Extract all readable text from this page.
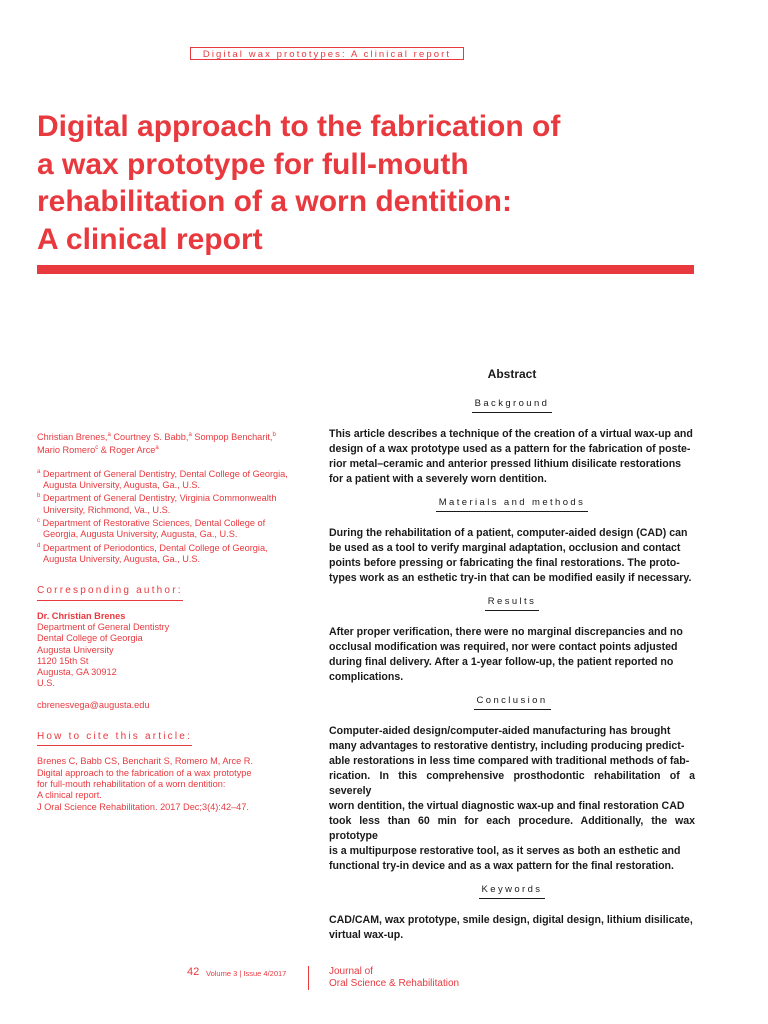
Digital wax prototypes: A clinical report
Digital approach to the fabrication of
a wax prototype for full-mouth
rehabilitation of a worn dentition:
A clinical report

Christian Brenes,$^a$ Courtney S. Babb,$^a$ Sompop Bencharit,$^b$
Mario Romero$^c$ & Roger Arce$^a$

$^a$ Department of General Dentistry, Dental College of Georgia, Augusta University, Augusta, Ga., U.S.
$^b$ Department of General Dentistry, Virginia Commonwealth University, Richmond, Va., U.S.
$^c$ Department of Restorative Sciences, Dental College of Georgia, Augusta University, Augusta, Ga., U.S.
$^d$ Department of Periodontics, Dental College of Georgia, Augusta University, Augusta, Ga., U.S.
Corresponding author:

Dr. Christian Brenes

Department of General Dentistry
Dental College of Georgia
Augusta University
1120 15th St
Augusta, GA 30912
U.S.

cbrenesvega@augusta.edu

How to cite this article:

Brenes C, Babb CS, Bencharit S, Romero M, Arce R.
Digital approach to the fabrication of a wax prototype
for full-mouth rehabilitation of a worn dentition:
A clinical report.
J Oral Science Rehabilitation. 2017 Dec;3(4):42–47.

Abstract
Background

This article describes a technique of the creation of a virtual wax-up and
design of a wax prototype used as a pattern for the fabrication of poste-
rior metal–ceramic and anterior pressed lithium disilicate restorations
for a patient with a severely worn dentition.

Materials and methods

During the rehabilitation of a patient, computer-aided design (CAD) can
be used as a tool to verify marginal adaptation, occlusion and contact
points before pressing or fabricating the final restorations. The proto-
types work as an esthetic try-in that can be modified easily if necessary.

Results

After proper verification, there were no marginal discrepancies and no
occlusal modification was required, nor were contact points adjusted
during final delivery. After a 1-year follow-up, the patient reported no
complications.

Conclusion

Computer-aided design/computer-aided manufacturing has brought
many advantages to restorative dentistry, including producing predict-
able restorations in less time compared with traditional methods of fab-
rication. In this comprehensive prosthodontic rehabilitation of a severely
worn dentition, the virtual diagnostic wax-up and final restoration CAD
took less than 60 min for each procedure. Additionally, the wax prototype
is a multipurpose restorative tool, as it serves as both an esthetic and
functional try-in device and as a wax pattern for the final restoration.

Keywords

CAD/CAM, wax prototype, smile design, digital design, lithium disilicate,
virtual wax-up.

42 Volume 3 | Issue 4/2017	Journal of
Oral Science & Rehabilitation
